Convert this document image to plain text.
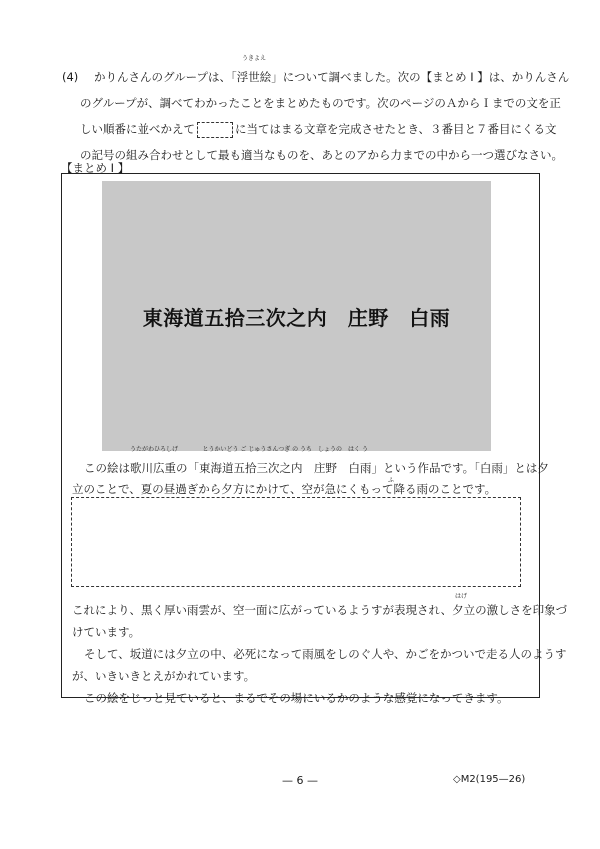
(4) かりんさんのグループは、「
うきよえ
浮世絵」について調べました。次の【まとめ I 】は、かりんさん
のグループが、調べてわかったことをまとめたものです。次のページのＡからＩまでの文を正
しい順番に並べかえて	に当てはまる文章を完成させたとき、３番目と７番目にくる文
の記号の組み合わせとして最も適当なものを、あとのアから力までの中から一つ選びなさい。
【まとめ I 】
東海道五拾三次之内　庄野　白雨
この絵は
うたがわひろしげ
歌川広重の「
とうかいどう ご じゅうさんつぎ の うち　しょうの　はく う
東海道五拾三次之内　庄野　白雨」という作品です。「白雨」とは夕
立のことで、夏の昼過ぎから夕方にかけて、空が急にくもって降る雨のことです。
ふ
はげ
これにより、黒く厚い雨雲が、空一面に広がっているようすが表現され、夕立の激しさを印象づ
けています。
そして、坂道には夕立の中、必死になって雨風をしのぐ人や、かごをかついで走る人のようす
が、いきいきとえがかれています。
この絵をじっと見ていると、まるでその場にいるかのような感覚になってきます。
— 6 —	◇M2(195—26)
